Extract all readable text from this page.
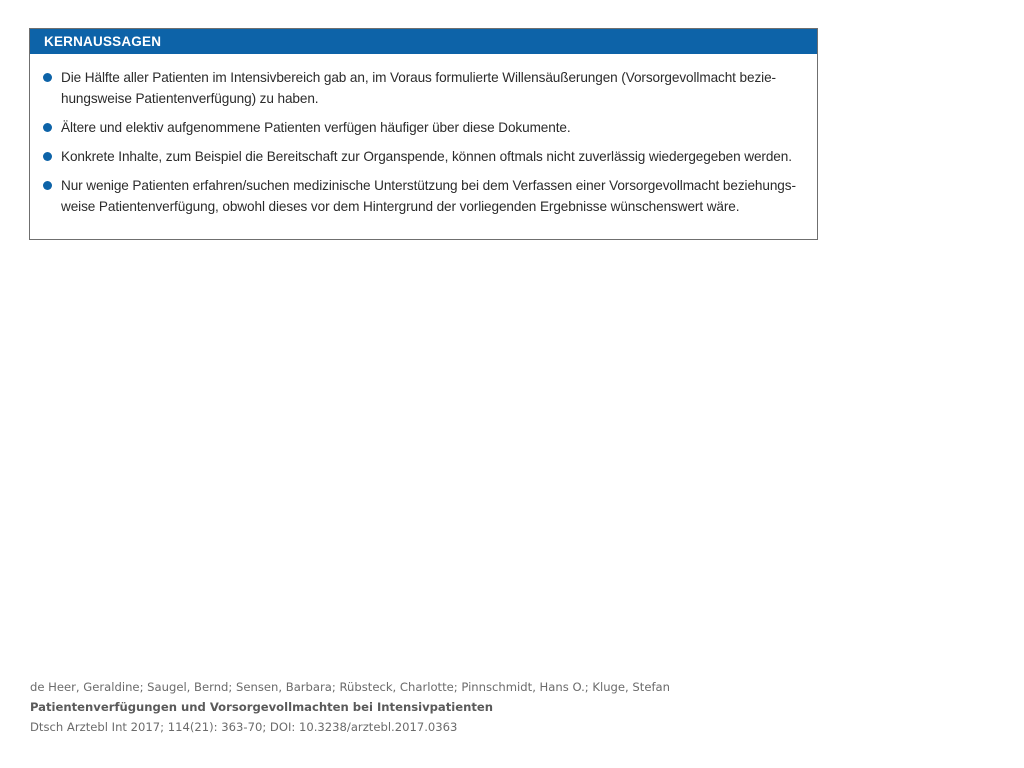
KERNAUSSAGEN
Die Hälfte aller Patienten im Intensivbereich gab an, im Voraus formulierte Willensäußerungen (Vorsorgevollmacht bezie-
hungsweise Patientenverfügung) zu haben.
Ältere und elektiv aufgenommene Patienten verfügen häufiger über diese Dokumente.
Konkrete Inhalte, zum Beispiel die Bereitschaft zur Organspende, können oftmals nicht zuverlässig wiedergegeben werden.
Nur wenige Patienten erfahren/suchen medizinische Unterstützung bei dem Verfassen einer Vorsorgevollmacht beziehungs-
weise Patientenverfügung, obwohl dieses vor dem Hintergrund der vorliegenden Ergebnisse wünschenswert wäre.
de Heer, Geraldine; Saugel, Bernd; Sensen, Barbara; Rübsteck, Charlotte; Pinnschmidt, Hans O.; Kluge, Stefan
Patientenverfügungen und Vorsorgevollmachten bei Intensivpatienten
Dtsch Arztebl Int 2017; 114(21): 363-70; DOI: 10.3238/arztebl.2017.0363
